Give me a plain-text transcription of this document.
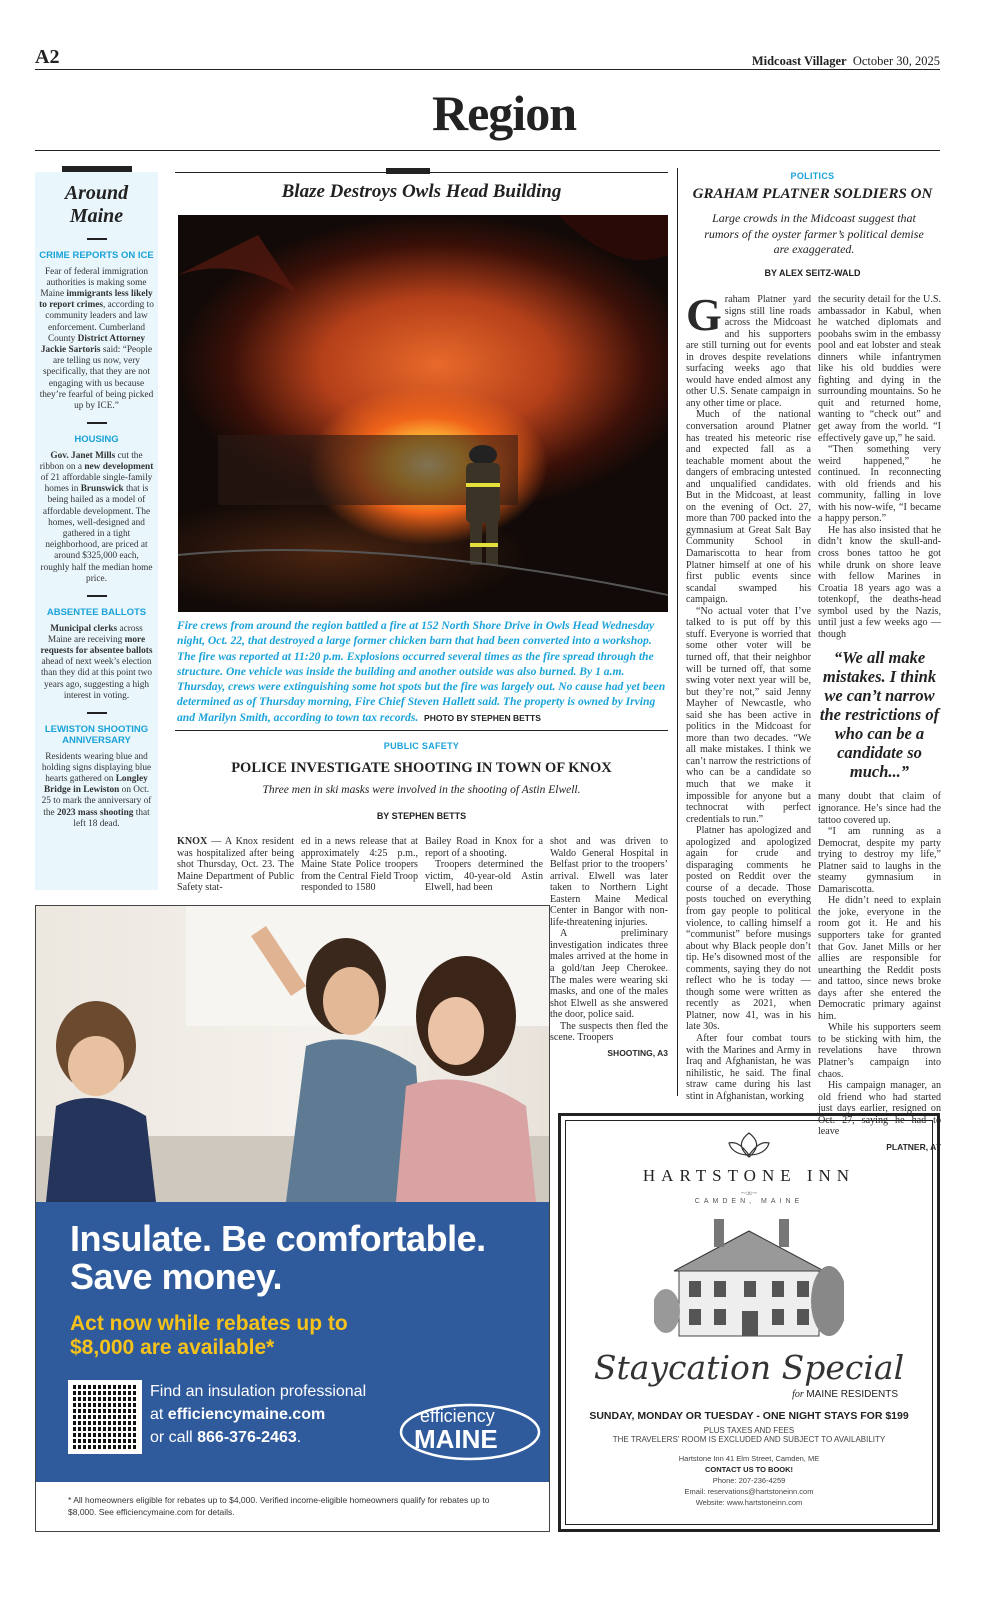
A2	Midcoast Villager October 30, 2025
Region
Around
Maine
CRIME REPORTS ON ICE
Fear of federal immigration authorities is making some Maine immigrants less likely to report crimes, according to community leaders and law enforcement. Cumberland County District Attorney Jackie Sartoris said: “People are telling us now, very specifically, that they are not engaging with us because they’re fearful of being picked up by ICE.”
HOUSING
Gov. Janet Mills cut the ribbon on a new development of 21 affordable single-family homes in Brunswick that is being hailed as a model of affordable development. The homes, well-designed and gathered in a tight neighborhood, are priced at around $325,000 each, roughly half the median home price.
ABSENTEE BALLOTS
Municipal clerks across Maine are receiving more requests for absentee ballots ahead of next week’s election than they did at this point two years ago, suggesting a high interest in voting.
LEWISTON SHOOTING ANNIVERSARY
Residents wearing blue and holding signs displaying blue hearts gathered on Longley Bridge in Lewiston on Oct. 25 to mark the anniversary of the 2023 mass shooting that left 18 dead.
Blaze Destroys Owls Head Building
Fire crews from around the region battled a fire at 152 North Shore Drive in Owls Head Wednesday night, Oct. 22, that destroyed a large former chicken barn that had been converted into a workshop. The fire was reported at 11:20 p.m. Explosions occurred several times as the fire spread through the structure. One vehicle was inside the building and another outside was also burned. By 1 a.m. Thursday, crews were extinguishing some hot spots but the fire was largely out. No cause had yet been determined as of Thursday morning, Fire Chief Steven Hallett said. The property is owned by Irving and Marilyn Smith, according to town tax records. PHOTO BY STEPHEN BETTS
PUBLIC SAFETY
POLICE INVESTIGATE SHOOTING IN TOWN OF KNOX
Three men in ski masks were involved in the shooting of Astin Elwell.
BY STEPHEN BETTS

KNOX — A Knox resident was hospitalized after being shot Thursday, Oct. 23. The Maine Department of Public Safety stat-

ed in a news release that at approximately 4:25 p.m., Maine State Police troopers from the Central Field Troop responded to 1580

Bailey Road in Knox for a report of a shooting.

Troopers determined the victim, 40-year-old Astin Elwell, had been

shot and was driven to Waldo General Hospital in Belfast prior to the troopers’ arrival. Elwell was later taken to Northern Light Eastern Maine Medical Center in Bangor with non-life-threatening injuries.

A preliminary investigation indicates three males arrived at the home in a gold/tan Jeep Cherokee. The males were wearing ski masks, and one of the males shot Elwell as she answered the door, police said.

The suspects then fled the scene. Troopers

SHOOTING, A3
POLITICS
GRAHAM PLATNER SOLDIERS ON
Large crowds in the Midcoast suggest that rumors of the oyster farmer’s political demise are exaggerated.
BY ALEX SEITZ-WALD

Graham Platner yard signs still line roads across the Midcoast and his supporters are still turning out for events in droves despite revelations surfacing weeks ago that would have ended almost any other U.S. Senate campaign in any other time or place.

Much of the national conversation around Platner has treated his meteoric rise and expected fall as a teachable moment about the dangers of embracing untested and unqualified candidates. But in the Midcoast, at least on the evening of Oct. 27, more than 700 packed into the gymnasium at Great Salt Bay Community School in Damariscotta to hear from Platner himself at one of his first public events since scandal swamped his campaign.

“No actual voter that I’ve talked to is put off by this stuff. Everyone is worried that some other voter will be turned off, that their neighbor will be turned off, that some swing voter next year will be, but they’re not,” said Jenny Mayher of Newcastle, who said she has been active in politics in the Midcoast for more than two decades. “We all make mistakes. I think we can’t narrow the restrictions of who can be a candidate so much that we make it impossible for anyone but a technocrat with perfect credentials to run.”

Platner has apologized and apologized and apologized again for crude and disparaging comments he posted on Reddit over the course of a decade. Those posts touched on everything from gay people to political violence, to calling himself a “communist” before musings about why Black people don’t tip. He’s disowned most of the comments, saying they do not reflect who he is today — though some were written as recently as 2021, when Platner, now 41, was in his late 30s.

After four combat tours with the Marines and Army in Iraq and Afghanistan, he was nihilistic, he said. The final straw came during his last stint in Afghanistan, working

the security detail for the U.S. ambassador in Kabul, when he watched diplomats and poobahs swim in the embassy pool and eat lobster and steak dinners while infantrymen like his old buddies were fighting and dying in the surrounding mountains. So he quit and returned home, wanting to “check out” and get away from the world. “I effectively gave up,” he said.

“Then something very weird happened,” he continued. In reconnecting with old friends and his community, falling in love with his now-wife, “I became a happy person.”

He has also insisted that he didn’t know the skull-and-cross bones tattoo he got while drunk on shore leave with fellow Marines in Croatia 18 years ago was a totenkopf, the deaths-head symbol used by the Nazis, until just a few weeks ago — though

“We all make mistakes. I think we can’t narrow the restrictions of who can be a candidate so much...”

many doubt that claim of ignorance. He’s since had the tattoo covered up.

“I am running as a Democrat, despite my party trying to destroy my life,” Platner said to laughs in the steamy gymnasium in Damariscotta.

He didn’t need to explain the joke, everyone in the room got it. He and his supporters take for granted that Gov. Janet Mills or her allies are responsible for unearthing the Reddit posts and tattoo, since news broke days after she entered the Democratic primary against him.

While his supporters seem to be sticking with him, the revelations have thrown Platner’s campaign into chaos.

His campaign manager, an old friend who had started just days earlier, resigned on Oct. 27, saying he had to leave

PLATNER, A7
Insulate. Be comfortable.
Save money.
Act now while rebates up to
$8,000 are available*
Find an insulation professional
at efficiencymaine.com
or call 866-376-2463.
efficiency
MAINE
* All homeowners eligible for rebates up to $4,000. Verified income-eligible homeowners qualify for rebates up to $8,000. See efficiencymaine.com for details.
HARTSTONE INN
~∞~
CAMDEN, MAINE
Staycation Special
for MAINE RESIDENTS
SUNDAY, MONDAY OR TUESDAY - ONE NIGHT STAYS FOR $199
PLUS TAXES AND FEES
THE TRAVELERS’ ROOM IS EXCLUDED AND SUBJECT TO AVAILABILITY
Hartstone Inn 41 Elm Street, Camden, ME
CONTACT US TO BOOK!
Phone: 207-236-4259
Email: reservations@hartstoneinn.com
Website: www.hartstoneinn.com
